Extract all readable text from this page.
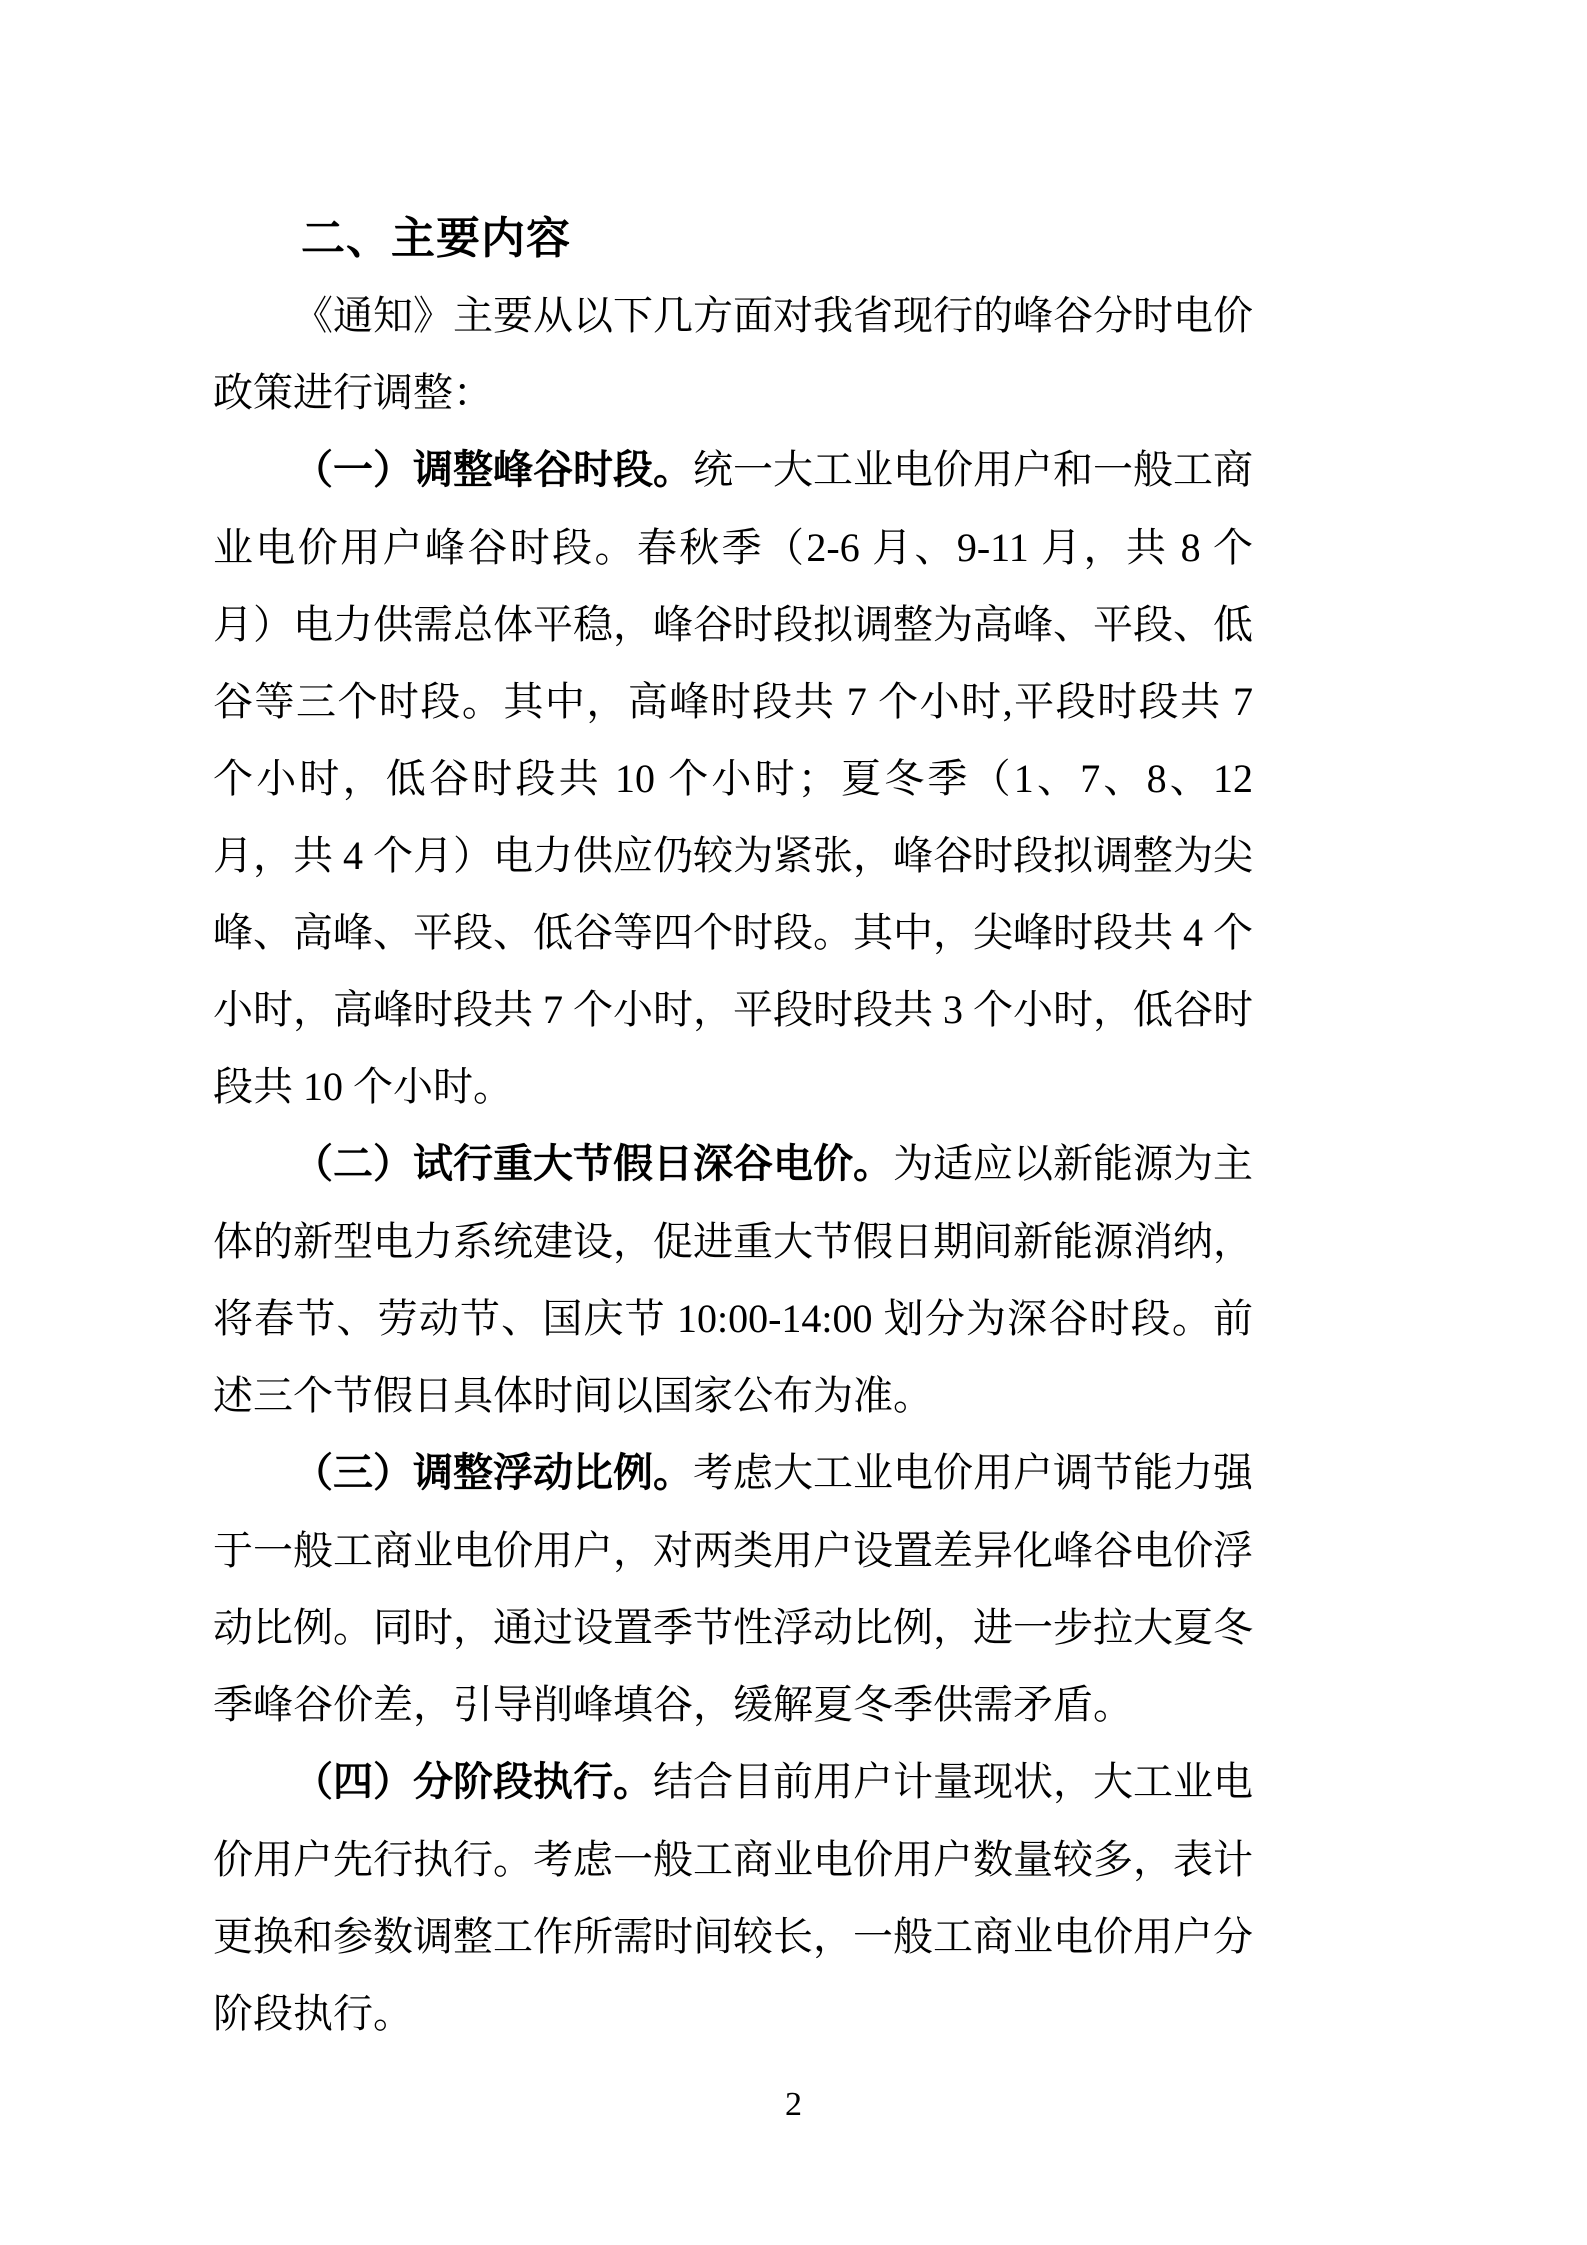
二、主要内容

《通知》主要从以下几方面对我省现行的峰谷分时电价政策进行调整：

（一）调整峰谷时段。统一大工业电价用户和一般工商业电价用户峰谷时段。春秋季（2-6 月、9-11 月，共 8 个月）电力供需总体平稳，峰谷时段拟调整为高峰、平段、低谷等三个时段。其中，高峰时段共 7 个小时,平段时段共 7 个小时，低谷时段共 10 个小时；夏冬季（1、7、8、12 月，共 4 个月）电力供应仍较为紧张，峰谷时段拟调整为尖峰、高峰、平段、低谷等四个时段。其中，尖峰时段共 4 个小时，高峰时段共 7 个小时，平段时段共 3 个小时，低谷时段共 10 个小时。

（二）试行重大节假日深谷电价。为适应以新能源为主体的新型电力系统建设，促进重大节假日期间新能源消纳，将春节、劳动节、国庆节 10:00-14:00 划分为深谷时段。前述三个节假日具体时间以国家公布为准。

（三）调整浮动比例。考虑大工业电价用户调节能力强于一般工商业电价用户，对两类用户设置差异化峰谷电价浮动比例。同时，通过设置季节性浮动比例，进一步拉大夏冬季峰谷价差，引导削峰填谷，缓解夏冬季供需矛盾。

（四）分阶段执行。结合目前用户计量现状，大工业电价用户先行执行。考虑一般工商业电价用户数量较多，表计更换和参数调整工作所需时间较长，一般工商业电价用户分阶段执行。

2
